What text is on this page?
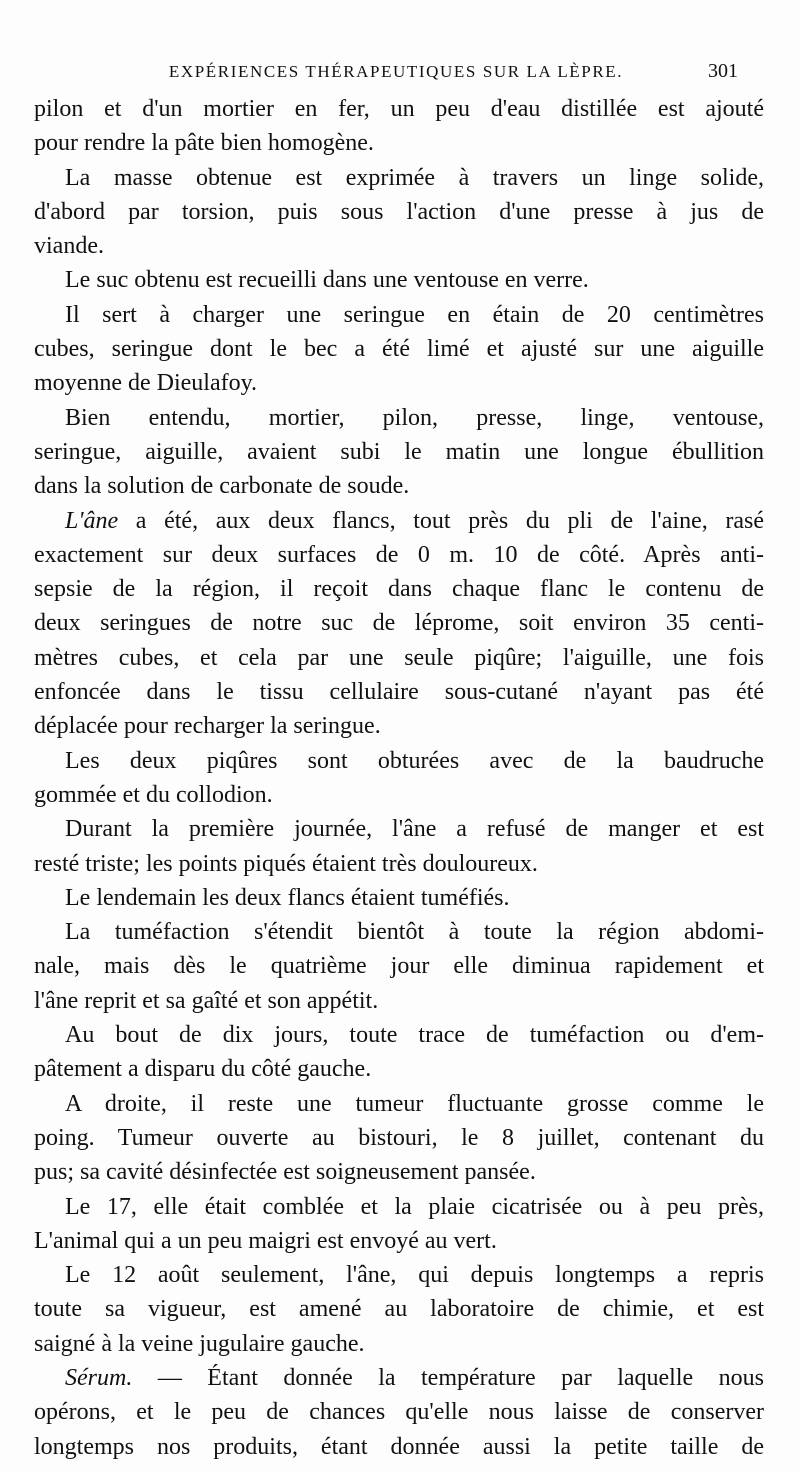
EXPÉRIENCES THÉRAPEUTIQUES SUR LA LÈPRE.	301
pilon et d'un mortier en fer, un peu d'eau distillée est ajouté
pour rendre la pâte bien homogène.
La masse obtenue est exprimée à travers un linge solide,
d'abord par torsion, puis sous l'action d'une presse à jus de
viande.
Le suc obtenu est recueilli dans une ventouse en verre.
Il sert à charger une seringue en étain de 20 centimètres
cubes, seringue dont le bec a été limé et ajusté sur une aiguille
moyenne de Dieulafoy.
Bien entendu, mortier, pilon, presse, linge, ventouse,
seringue, aiguille, avaient subi le matin une longue ébullition
dans la solution de carbonate de soude.
L'âne a été, aux deux flancs, tout près du pli de l'aine, rasé
exactement sur deux surfaces de 0 m. 10 de côté. Après anti-
sepsie de la région, il reçoit dans chaque flanc le contenu de
deux seringues de notre suc de léprome, soit environ 35 centi-
mètres cubes, et cela par une seule piqûre; l'aiguille, une fois
enfoncée dans le tissu cellulaire sous-cutané n'ayant pas été
déplacée pour recharger la seringue.
Les deux piqûres sont obturées avec de la baudruche
gommée et du collodion.
Durant la première journée, l'âne a refusé de manger et est
resté triste; les points piqués étaient très douloureux.
Le lendemain les deux flancs étaient tuméfiés.
La tuméfaction s'étendit bientôt à toute la région abdomi-
nale, mais dès le quatrième jour elle diminua rapidement et
l'âne reprit et sa gaîté et son appétit.
Au bout de dix jours, toute trace de tuméfaction ou d'em-
pâtement a disparu du côté gauche.
A droite, il reste une tumeur fluctuante grosse comme le
poing. Tumeur ouverte au bistouri, le 8 juillet, contenant du
pus; sa cavité désinfectée est soigneusement pansée.
Le 17, elle était comblée et la plaie cicatrisée ou à peu près,
L'animal qui a un peu maigri est envoyé au vert.
Le 12 août seulement, l'âne, qui depuis longtemps a repris
toute sa vigueur, est amené au laboratoire de chimie, et est
saigné à la veine jugulaire gauche.
Sérum. — Étant donnée la température par laquelle nous
opérons, et le peu de chances qu'elle nous laisse de conserver
longtemps nos produits, étant donnée aussi la petite taille de
